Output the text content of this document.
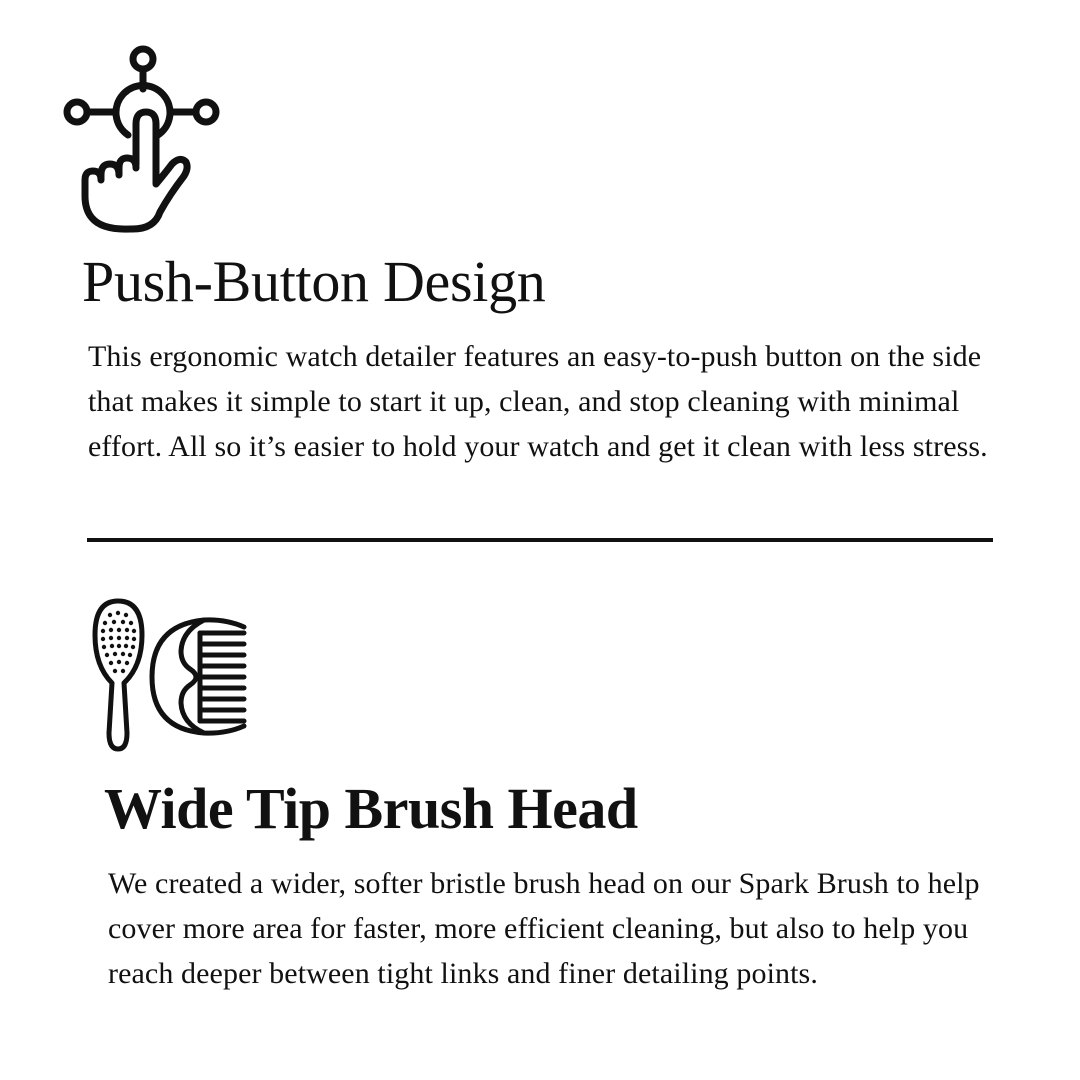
Push-Button Design

This ergonomic watch detailer features an easy-to-push button on the side that makes it simple to start it up, clean, and stop cleaning with minimal effort. All so it’s easier to hold your watch and get it clean with less stress.

Wide Tip Brush Head

We created a wider, softer bristle brush head on our Spark Brush to help cover more area for faster, more efficient cleaning, but also to help you reach deeper between tight links and finer detailing points.
